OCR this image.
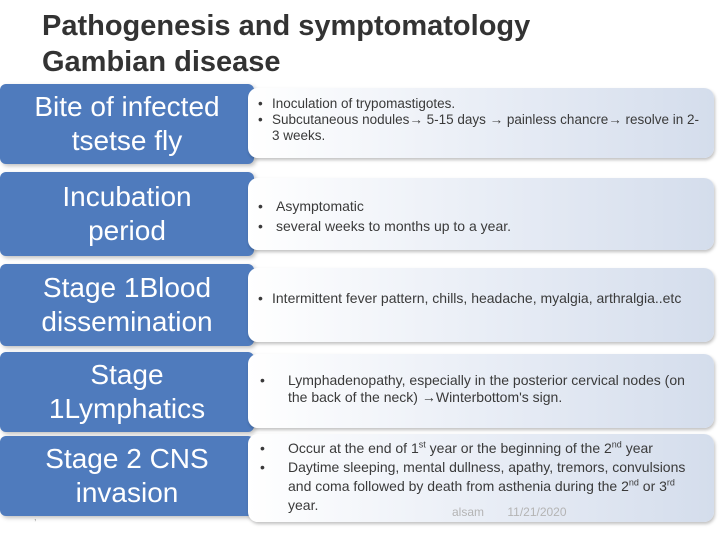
Pathogenesis and symptomatology
Gambian disease
Bite of infected
tsetse fly
• Inoculation of trypomastigotes.
• Subcutaneous nodules→ 5-15 days → painless chancre→ resolve in 2-3 weeks.
Incubation
period
• Asymptomatic
• several weeks to months up to a year.
Stage 1Blood
dissemination
• Intermittent fever pattern, chills, headache, myalgia, arthralgia..etc
Stage
1Lymphatics
• Lymphadenopathy, especially in the posterior cervical nodes (on the back of the neck) →Winterbottom's sign.
Stage 2 CNS
invasion
• Occur at the end of 1st year or the beginning of the 2nd year
• Daytime sleeping, mental dullness, apathy, tremors, convulsions and coma followed by death from asthenia during the 2nd or 3rd year.
,	alsam 11/21/2020
